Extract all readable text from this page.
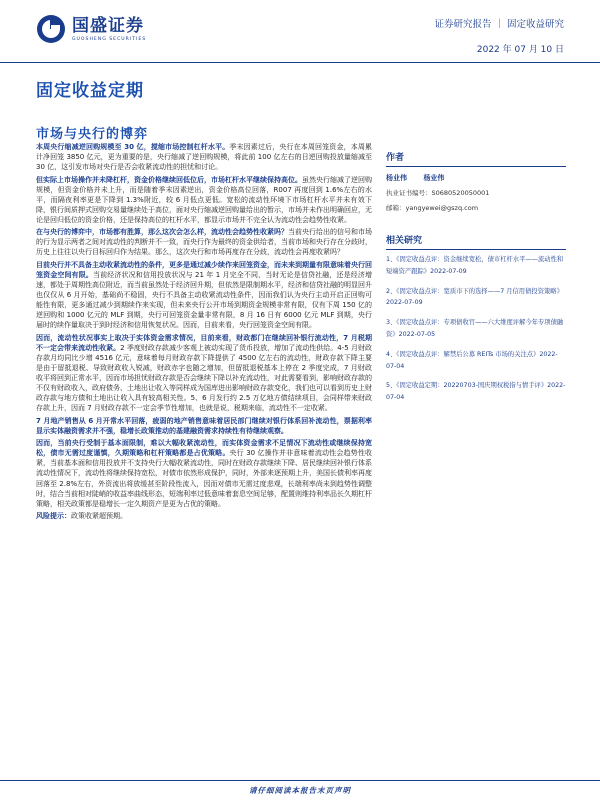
国盛证券
GUOSHENG SECURITIES
证券研究报告 ｜ 固定收益研究
2022 年 07 月 10 日
固定收益定期
市场与央行的博弈

本周央行缩减逆回购规模至 30 亿，搅缩市场控制杠杆水平。季末因素过后，央行在本周回笼资金，本周累计净回笼 3850 亿元，更为重要的是，央行缩减了逆回购规模，将此前 100 亿左右的日逆回购投放量缩减至 30 亿，这引发市场对央行是否会收紧流动性的担忧和讨论。

但实际上市场操作并未降杠杆，资金价格继续回低位后，市场杠杆水平继续保持高位。虽然央行缩减了逆回购规模，但资金价格并未上升，而是随着季末因素逆出，资金价格高位回落，R007 再度回到 1.6%左右的水平，而隔夜利率更是下降到 1.3%附近，较 6 月低点更低。宽松的流动性环境下市场杠杆水平并未有效下降，银行间质押式回购交易量继续处于高位，面对央行缩减逆回购量给出的暂示，市场并未作出明确回应，无论是回归低位的资金价格，还是保持高位的杠杆水平，都显示市场并不完全认为流动性会趋势性收紧。

在与央行的博弈中，市场都有胜算，那么这次会怎么样，流动性会趋势性收紧吗？当前央行给出的信号和市场的行为显示两者之间对流动性的判断并不一致，而央行作为最终的资金供给者，当前市场和央行存在分歧时，历史上往往以央行目标回归作为结果。那么，这次央行和市场再度存在分歧，流动性会再度收紧吗？

目前央行并不具备主动收紧流动性的条件，更多是通过减少续作来回笼资金，而未来到期量有限意味着央行回笼资金空间有限。当前经济状况和信用投放状况与 21 年 1 月完全不同，当时无论是信贷社融，还是经济增速，都处于周期性高位附近，而当前虽然处于经济回升期，但依然是限制期水平，经济和信贷社融的明显回升也仅仅从 6 月开始，基础尚不稳固，央行不具备主动收紧流动性条件，因而我们认为央行主动开启正回购可能性有限，更多通过减少到期续作来实现，但未来央行公开市场到期资金规模非常有限，仅有下周 150 亿的逆回购和 1000 亿元的 MLF 到期，央行可回笼资金量非常有限，8 月 16 日有 6000 亿元 MLF 到期，央行届时的续作量取决于到时经济和信用恢复状况。因而，目前来看，央行回笼资金空间有限。

因而，流动性状况事实上取决于实体资金需求情况，目前来看，财政都门在继续回补银行流动性，7 月税期不一定会带来流动性收紧。2 季度财政存款减少客观上被动实现了货币投放，增加了流动性供给。4-5 月财政存款月均同比少增 4516 亿元，意味着每月财政存款下降提供了 4500 亿左右的流动性，财政存款下降主要是由于留抵退税、导致财政收入锐减，财政赤字也随之增加，但留抵退税基本上停在 2 季度完成，7 月财政收平将回到正常水平，因而市场担忧财政存款是否会继续下降以补充流动性，对此需要看到，影响财政存款的不仅有财政收入，政府债务、土地出让收入等同样成为国库进出影响财政存款变化，我们也可以看到历史上财政存款与地方债和土地出让收入具有较高相关性。5、6 月发行约 2.5 万亿地方债结续项目，会同样带来财政存款上升，因而 7 月财政存款不一定会季节性增加，也就是说，税期来临，流动性不一定收紧。

7 月地产销售从 6 月开常水平回落，疲弱的地产销售意味着居民部门继续对银行体系回补流动性，票据利率显示实体融资需求并不强，稳增长政策推动的基建融资需求持续性有待继续观察。

因而，当前央行受制于基本面限制，难以大幅收紧流动性，而实体资金需求不足情况下流动性或继续保持宽松，债市无需过度谨慎，久期策略和杠杆策略都是占优策略。央行 30 亿操作并非意味着流动性会趋势性收紧，当前基本面和信用投放并不支持央行大幅收紧流动性，同时在财政存款继续下降、居民继续回补银行体系流动性情况下，流动性将继续保持宽松，对债市依然形成保护，同时，外部来逐预期上升，美国长债利率再度回落至 2.8%左右，外资流出将放缓甚至阶段性流入，因而对债市无需过度悲观，长端利率尚未到趋势性调整时，结合当前相对陡峭的收益率曲线形态，短端利率过低意味着套息空间足够，配置则维持利率品长久期杠杆策略，相关政策都是稳增长一定久期资产是更为占优的策略。

风险提示：政策收紧超预期。

作者
杨业伟 杨业伟
执业证书编号：S0680520050001
邮箱：yangyewei@gszq.com
相关研究
1、《固定收益点评：资金继续宽松，债市杠杆水平——流动性和短端资产跟踪》2022-07-09
2、《固定收益点评：宽质市下的选择——7 月信用债投资策略》2022-07-09
3、《固定收益点评：专项债收官——六大维度评解今年专项债融资》2022-07-05
4、《固定收益点评：解禁后公募 REITs 市场的关注点》2022-07-04
5、《固定收益定期：20220703-国庆期权税指与情手评》2022-07-04
请仔细阅读本报告末页声明
